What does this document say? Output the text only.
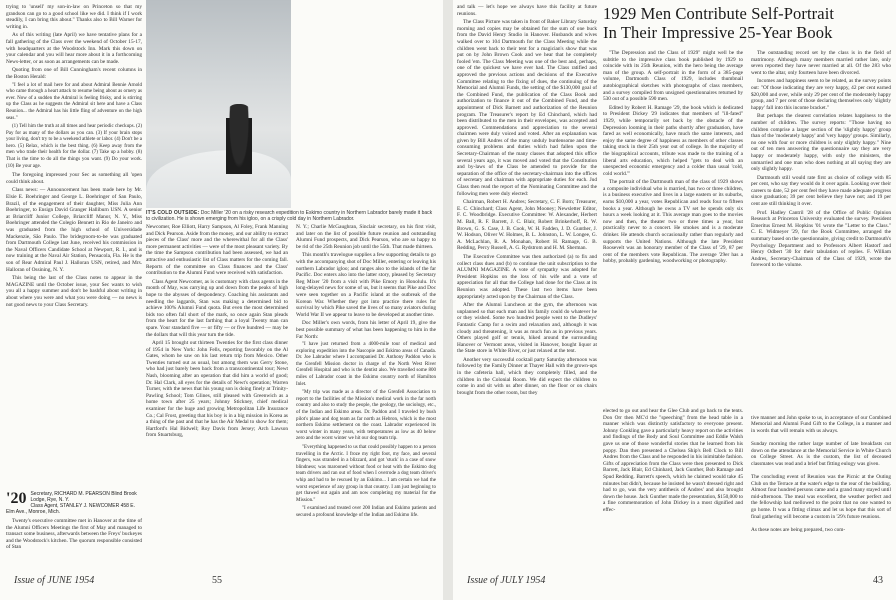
trying to 'unsell' my son-in-law on Princeton so that my grandson can go to a good school like we did. I think if I work steadily, I can bring this about." Thanks also to Bill Warner for writing in.

As of this writing (late April) we have tentative plans for a fall gathering of the Class over the weekend of October 15-17, with headquarters at the Woodstock Inn. Mark this down on your calendar and you will hear more about it in a forthcoming News-letter, or as soon as arrangements can be made.

Quoting from one of Bill Cunningham's recent columns in the Boston Herald:

"I feel a lot of mail here for and about Admiral Bennie Arnold who came through a heart attack to resume being about as ornery as ever. Now of a sudden the Admiral is feeling frisky, and is stirring up the Class as he suggests the Admiral sit here and have a Class Reunion... the Admiral has his little fling of adventure on the high seas."

(1) Tell him the truth at all times and hear periodic checkups. (2) Pay for as many of the dollars as you can. (3) If your brain stops your living, don't try to be a weekend athlete or labor. (4) Don't be a hero. (5) Relax, which is the best thing. (6) Keep away from the men who trade their health for the dollar. (7) Take up a hobby. (8) That is the time to do all the things you want. (9) Do your work. (10) Be your age.

The foregoing impressed your Sec as something all 'open could think about.

Class news: — Announcement has been made here by Mr. Elsie E. Boehringer and George L. Boehringer of San Paulo, Brazil, of the engagement of their daughter, Miss Julia Ann Boehringer, to Ensign David Granger Halliburn USN. A senior at Briarcliff Junior College, Briarcliff Manor, N. Y., Miss Boehringer attended the Colegio Bennett in Rio de Janeiro and was graduated from the high school of Universidade Mackenzie, São Paulo. The bridegroom-to-be was graduated from Dartmouth College last June, received his commission in the Naval Officers Candidate School at Newport, R. I., and is now training at the Naval Air Station, Pensacola, Fla. He is the son of Rear Admiral Paul J. Halloran USN, retired, and Mrs. Halloran of Ossining, N. Y.

This being the last of the Class notes to appear in the MAGAZINE until the October issue, your Sec wants to wish you all a happy summer and don't be bashful about writing in about where you were and what you were doing — no news is not good news to your Class Secretary.

'20 Secretary, RICHARD M. PEARSON Blind Brook Lodge, Rye, N. Y.
Class Agent, STANLEY J. NEWCOMER 458 E. Elm Ave., Monroe, Mich.

Twenty's executive committee met in Hanover at the time of the Alumni Officers Meetings the first of May and managed to transact some business, afterwards between the Freys' buckeyes and the Woodstock's kitchen. The quorum responsible consisted of Stan

IT'S COLD OUTSIDE: Doc Miller '20 on a risky research expedition to Eskimo country in Northern Labrador barely made it back to civilization. He is shown emerging from his igloo, on a crisply cold day in Northern Labrador.

Newcomer, Roe Elliott, Harry Sampson, Al Foley, Frank Manning and Dick Pearson. Aside from the money, and our ability to extract pieces of the Class' more and the wherewithal for all the Class' more permanent activities — were of the most pleasant variety. By the time the Sampson contribution had been assessed, we had an attractive and enthusiastic list of Class matters for the coming fall. Reports of the committee on Class finances and the Class' contribution to the Alumni Fund were received with satisfaction.

Class Agent Newcomer, as is customary with class agents in the month of May, was carrying up and down from the peaks of high hope to the abysses of despondency. Coaching his assistants and needling the laggards, Stan was making a determined bid to achieve 100% Alumni Fund quota. But even the most determined bids too often fall short of the mark, so once again Stan pleads from the heart for the last farthing that a loyal Twenty man can spare. Your standard five — or fifty — or five hundred — may be the dollars that will this year turn the tide.

April 15 brought out thirteen Twenties for the first class dinner of 1954 in New York: John Fells, reporting favorably on the Al Gates, whom he saw on his last return trip from Mexico. Other Twenties turned out as usual, but among them was Gerry Stone, who had just barely been back from a transcontinental tour; Newt Nash, blooming after an operation that did him a world of good; Dr. Hal Clark, all eyes for the details of Newt's operation; Warren Turner, with the news that his young son is doing finely at Trinity-Pawling School; Tom Glines, still pleased with Greenwich as a home town after 25 years; Johnny Stickney, chief medical examiner for the huge and growing Metropolitan Life Insurance Co.; Cal Frost, greeting that his boy is in a big mission in Korea as a thing of the past and that he has the Air Medal to show for them; Hartford's Hal Bidwell; Roy Davis from Jersey; Arch Lawson from Stuartsburg,

N. Y.; Charlie McGaughran, Sinclair secretary, on his first visit, and later on the list of possible future reunion and outstanding Alumni Fund prospects, and Dick Pearson, who are so happy to be rid of the 25th Reunion job until the 55th. That made thirteen.

This month's travelogue supplies a few supporting details to go with the accompanying shot of Doc Miller, entering or leaving his northern Labrador igloo; and ranges also to the islands of the far Pacific. Doc enters also into the latter story, pleased by Secretary Reg Mixer '20 from a visit with Pike Emory in Honolulu. It's long-delayed news for some of us, but it seems that Pike and Doc were seen together on a Pacific island at the outbreak of the Korean War. Whether they got into practice there rules for survival by which Pike saved the lives of so many aviators during World War II we appear to leave to be developed at another time.

Doc Miller's own words, from his letter of April 19, give the best possible summary of what has been happening to him in the Far North:

"I have just returned from a 4000-mile tour of medical and exploring expedition into the Nascopie and Eskimo areas of Canada. Dr. Joe Labrador where I accompanied Dr. Anthony Paddon who is the Grenfell Mission doctor in charge of the North West River Grenfell Hospital and who is the dentist also. We travelled some 800 miles of Labrador coast in the Eskimo country north of Hamilton Inlet.

"My trip was made as a director of the Grenfell Association to report to the facilities of the Mission's medical work in the far north country and also to study the people, the geology, the sociology, etc., of the Indian and Eskimo areas. Dr. Paddon and I traveled by bush pilot's plane and dog team as far north as Hebron, which is the most northern Eskimo settlement on the coast. Labrador experienced its worst winter in many years, with temperatures as low as 40 below zero and the worst winter we hit our dog team trip.

"Everything happened to us that could possibly happen to a person travelling in the Arctic. I froze my right foot, my face, and several fingers, was stranded in a blizzard, and got 'stuck' in a case of snow blindness; was marooned without food or heat with the Eskimo dog team drivers and ran out of food when I overrode a dog team driver's whip and had to be rescued by an Eskimo... I am certain we had the worst experience of any group in that country. I am just beginning to get thawed out again and am now completing my material for the Mission."

"I examined and treated over 200 Indian and Eskimo patients and secured a profound knowledge of the Indian and Eskimo life.

Issue of JUNE 1954	55

and talk — let's hope we always have this facility at future reunions.

The Class Picture was taken in front of Baker Library Saturday morning and copies may be obtained for the sum of one buck from the David Henry Studio in Hanover. Husbands and wives walked over to 104 Dartmouth for the Class Meeting while the children went back to their tent for a magician's show that was put on by John Brown Cook and we hear that he completely fooled 'em. The Class Meeting was one of the best and, perhaps, one of the quickest we have ever had. The Class ratified and approved the previous actions and decisions of the Executive Committee relating to the fixing of dues, the continuing of the Memorial and Alumni Funds, the setting of the $130,000 goal of the Combined Fund, the publication of the Class Book and authorization to finance it out of the Combined Fund, and the appointment of Dick Barnett and authorization of the Reunion program. The Treasurer's report by Ed Chinchard, which had been distributed to the men in their envelopes, was accepted and approved. Commendations and appreciation to the several chairmen were duly voiced and voted. After an explanation was given by Bill Andres of the many unduly burdensome and time-consuming problems and duties which had fallen upon the Secretary-Chairman of the many classes that adopted this office several years ago, it was moved and voted that the Constitution and by-laws of the Class be amended to provide for the separation of the office of the secretary-chairman into the offices of secretary and chairman with appropriate duties for each. Jud Glass then read the report of the Nominating Committee and the following men were duly elected:

Chairman, Robert H. Andres; Secretary, C. F. Born; Treasurer, E. C. Chinchard; Class Agent, John Mooney; Newsletter Editor, F. C. Woodbridge. Executive Committee: W. Alexander, Herbert M. Ball, R. F. Barrett, J. C. Blair, Robert Brinkerhoff, R. W. Brown, G. S. Case, J. B. Cook, W. H. Fadden, J. D. Gunther, J. W. Hodson, Oliver W. Holmes, B. L. Johnston, L. W. Longee, G. A. McLachlan, R. A. Monahan, Robert H. Ramage, G. B. Redding, Percy Russell, A. G. Rydstrom and H. M. Sherman.

The Executive Committee was then authorized (a) to fix and collect class dues and (b) to continue the unit subscription to the ALUMNI MAGAZINE. A vote of sympathy was adopted for President Hopkins on the loss of his wife and a vote of appreciation for all that the College had done for the Class at its Reunion was adopted. These last two items have been appropriately acted upon by the Chairman of the Class.

After the Alumni Luncheon at the gym, the afternoon was unplanned so that each man and his family could do whatever he or they wished. Some two hundred people went to the Dudleys' Fantastic Camp for a swim and relaxation and, although it was cloudy and threatening, it was as much fun as in previous years. Others played golf or tennis, hiked around the surrounding Hanover or Vermont areas, visited in Hanover, bought liquor at the State store in White River, or just relaxed at the tent.

Another very successful cocktail party Saturday afternoon was followed by the Family Dinner at Thayer Hall with the grown-ups in the cafeteria hall, which they completely filled, and the children in the Colonial Room. We did expect the children to come in and sit with us after dinner, on the floor or on chairs brought from the other room, but they

1929 Men Contribute Self-Portrait
In Their Impressive 25-Year Book

"The Depression and the Class of 1929" might well be the subtitle to the impressive class book published by 1929 to coincide with its 25th Reunion, with the hero being the average man of the group. A self-portrait in the form of a 385-page volume, Dartmouth Class of 1929, includes thumbnail autobiographical sketches with photographs of class members, and a survey compiled from unsigned questionnaires returned by 530 out of a possible 590 men.

Edited by Robert H. Ramage '29, the book which is dedicated to President Dickey '29 indicates that members of "ill-fated" 1929, while temporarily set back by the obstacle of the Depression looming in their paths shortly after graduation, have fared as well economically, have much the same interests, and enjoy the same degree of happiness as members of other classes taking stock in their 25th year out of college. In the majority of the biographical accounts, tribute was made to the training of a liberal arts education, which helped "gets to deal with an unexpected economic emergency and a colder than usual 'cold, cold world.'"

The portrait of the Dartmouth man of the class of 1929 shows a composite individual who is married, has two or three children, is a business executive and lives in a large eastern or its suburbs, earns $10,000 a year, votes Republican and reads four to fifteen books a year. Although he owns a TV set he spends only six hours a week looking at it. This average man goes to the movies now and then, the theater two or three times a year, but practically never to a concert. He smokes and is a moderate drinker. He attends church occasionally rather than regularly and supports the United Nations. Although the late President Roosevelt was an honorary member of the Class of '29, 87 per cent of the members vote Republican. The average '29er has a hobby, probably gardening, woodworking or photography.

elected to go out and hear the Glee Club and go back to the tents. Don Orr then MC'd the "speeching" from the head table in a manner which was distinctly satisfactory to everyone present. Johnny Conkling gave a particularly heavy report on the activities and findings of the Body and Soul Committee and Eddie Walsh gave us one of those wonderful stories that he learned from his poppy. Dan then presented a Chelsea Ship's Bell Clock to Bill Andres from the Class and he responded in his inimitable fashion. Gifts of appreciation from the Class were then presented to Dick Barrett, Jack Blair, Ed Chinhard, Jack Gunther, Bob Ramage and Spud Redding. Barrett's speech, which he claimed would take 45 minutes but didn't, because he insisted he wasn't dressed right and had to go, was the very antithesis of Andres' and also brought down the house. Jack Gunther made the presentation, $150,000 to a fine commemoration of John Dickey in a most dignified and effec-

The outstanding record set by the class is in the field of matrimony. Although many members married rather late, only seven reported they have never married at all. Of the 283 who went to the altar, only fourteen have been divorced.

Incomes and happiness seem to be related, as the survey points out: "Of those indicating they are very happy, 42 per cent earned $20,000 and over, while only 29 per cent of the moderately happy group, and 7 per cent of those declaring themselves only 'slightly happy' fall into this income bracket."

But perhaps the clearest correlation relates happiness to the number of children. The survey reports: "Those having no children comprise a larger section of the 'slightly happy' group than of the 'moderately happy' and 'very happy' groups. Similarly, no one with four or more children is only slightly happy." Nine out of ten men answering the questionnaire say they are very happy or moderately happy, with only the ministers, the unmarried and one man who does nothing at all saying they are only slightly happy.

Dartmouth still would rate first as choice of college with 85 per cent, who say they would do it over again. Looking over their careers to date, 52 per cent feel they have made adequate progress since graduation; 39 per cent believe they have not; and 19 per cent are still thinking it over.

Prof. Hadley Cantril '28 of the Office of Public Opinion Research at Princeton University evaluated the survey. President Emeritus Ernest M. Hopkins '01 wrote the "Letter to the Class." C. E. Widmeyer '29, for the Book Committee, arranged the summary based on the questionnaire, giving credit to Dartmouth's Psychology Department and to Professors Albert Hastorf and Henry Odbert '30 for their tabulation of replies. F. William Andres, Secretary-Chairman of the Class of 1929, wrote the foreword to the volume.

tive manner and John spoke to us, in acceptance of our Combined Memorial and Alumni Fund Gift to the College, in a manner and in words that will remain with us always.

Sunday morning the rather large number of late breakfasts cut down on the attendance at the Memorial Service in White Church on College Street. As is the custom, the list of deceased classmates was read and a brief but fitting eulogy was given.

The concluding event of Reunion was the Picnic at the Outing Club on the Terrace at the water's edge to the rear of the building. Almost four hundred persons came and a grand many stayed until mid-afternoon. The meal was excellent, the weather perfect and the fellowship had mellowed to the point that no one wanted to go home. It was a fitting climax and let us hope that this sort of final gathering will become a custom in '29's future reunions.

As these notes are being prepared, two com-

Issue of JULY 1954	43
